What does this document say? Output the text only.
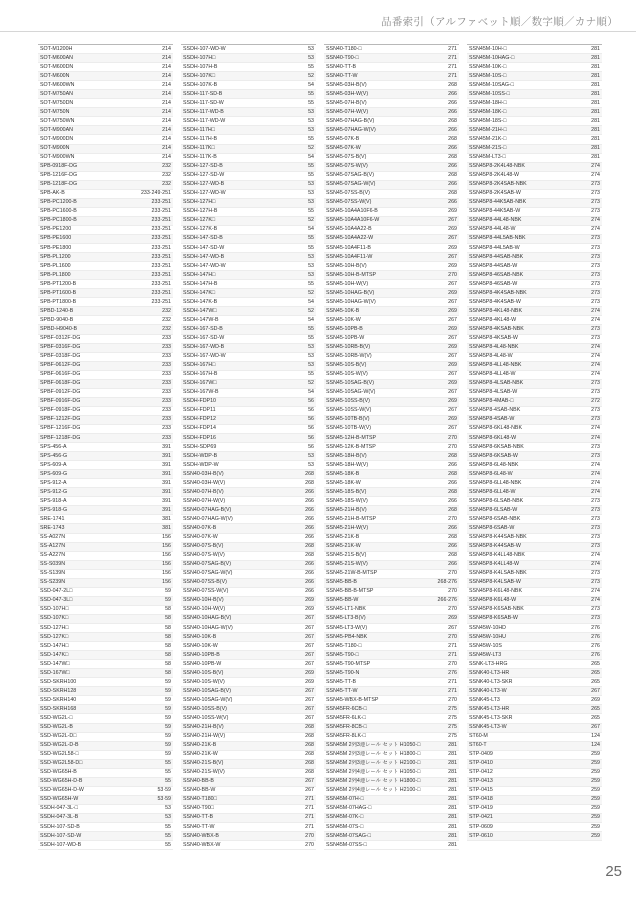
品番索引（アルファベット順／数字順／カナ順）
SOT-M1200H	214
SOT-M600AN	214
SOT-M600DN	214
SOT-M600N	214
SOT-M600WN	214
SOT-M750AN	214
SOT-M750DN	214
SOT-M750N	214
SOT-M750WN	214
SOT-M900AN	214
SOT-M900DN	214
SOT-M900N	214
SOT-M900WN	214
SPB-0918F-DG	232
SPB-1216F-DG	232
SPB-1218F-DG	232
SPB-AK-B	233·249·251
SPB-PC1200-B	233·251
SPB-PC1600-B	233·251
SPB-PC1800-B	233·251
SPB-PE1200	233·251
SPB-PE1600	233·251
SPB-PE1800	233·251
SPB-PL1200	233·251
SPB-PL1600	233·251
SPB-PL1800	233·251
SPB-PT1200-B	233·251
SPB-PT1600-B	233·251
SPB-PT1800-B	233·251
SPBD-1240-B	232
SPBD-9040-B	232
SPBD-H9040-B	232
SPBF-0312F-DG	233
SPBF-0316F-DG	233
SPBF-0318F-DG	233
SPBF-0612F-DG	233
SPBF-0616F-DG	233
SPBF-0618F-DG	233
SPBF-0912F-DG	233
SPBF-0916F-DG	233
SPBF-0918F-DG	233
SPBF-1212F-DG	233
SPBF-1216F-DG	233
SPBF-1218F-DG	233
SPS-456-A	391
SPS-456-G	391
SPS-609-A	391
SPS-609-G	391
SPS-912-A	391
SPS-912-G	391
SPS-918-A	391
SPS-918-G	391
SRE-1741	381
SRE-1743	381
SS-A027N	156
SS-A127N	156
SS-A227N	156
SS-S039N	156
SS-S139N	156
SS-S239N	156
SSD-047-2L□	59
SSD-047-3L□	59
SSD-107H□	58
SSD-107K□	58
SSD-127H□	58
SSD-127K□	58
SSD-147H□	58
SSD-147K□	58
SSD-147W□	58
SSD-167W□	58
SSD-SKRH100	59
SSD-SKRH128	59
SSD-SKRH140	59
SSD-SKRH168	59
SSD-WG2L-□	59
SSD-WG2L-B	59
SSD-WG2L-D□	59
SSD-WG2L-D-B	59
SSD-WG2L58-□	59
SSD-WG2L58-D□	55
SSD-WG65H-B	55
SSD-WG65H-D-B	55
SSD-WG65H-D-W	53·59
SSD-WG65H-W	53·59
SSDH-047-3L-□	53
SSDH-047-3L-B	53
SSDH-107-SD-B	55
SSDH-107-SD-W	55
SSDH-107-WD-B	55
SSDH-107-WD-W	53
SSDH-107H□	53
SSDH-107H-B	55
SSDH-107K□	52
SSDH-107K-B	54
SSDH-117-SD-B	55
SSDH-117-SD-W	55
SSDH-117-WD-B	53
SSDH-117-WD-W	53
SSDH-117H□	53
SSDH-117H-B	55
SSDH-117K□	52
SSDH-117K-B	54
SSDH-127-SD-B	55
SSDH-127-SD-W	55
SSDH-127-WD-B	53
SSDH-127-WD-W	53
SSDH-127H□	53
SSDH-127H-B	55
SSDH-127K□	52
SSDH-127K-B	54
SSDH-147-SD-B	55
SSDH-147-SD-W	55
SSDH-147-WD-B	53
SSDH-147-WD-W	53
SSDH-147H□	53
SSDH-147H-B	55
SSDH-147K□	52
SSDH-147K-B	54
SSDH-147W□	52
SSDH-147W-B	54
SSDH-167-SD-B	55
SSDH-167-SD-W	55
SSDH-167-WD-B	53
SSDH-167-WD-W	53
SSDH-167H□	53
SSDH-167H-B	55
SSDH-167W□	52
SSDH-167W-B	54
SSDH-FDP10	56
SSDH-FDP11	56
SSDH-FDP12	56
SSDH-FDP14	56
SSDH-FDP16	56
SSDH-SDP69	56
SSDH-WDP-B	53
SSDH-WDP-W	53
SSN40-03H-B(V)	268
SSN40-03H-W(V)	268
SSN40-07H-B(V)	266
SSN40-07H-W(V)	266
SSN40-07HAG-B(V)	266
SSN40-07HAG-W(V)	266
SSN40-07K-B	266
SSN40-07K-W	266
SSN40-07S-B(V)	268
SSN40-07S-W(V)	268
SSN40-07SAG-B(V)	266
SSN40-07SAG-W(V)	266
SSN40-07SS-B(V)	266
SSN40-07SS-W(V)	266
SSN40-10H-B(V)	269
SSN40-10H-W(V)	269
SSN40-10HAG-B(V)	267
SSN40-10HAG-W(V)	267
SSN40-10K-B	267
SSN40-10K-W	267
SSN40-10PB-B	267
SSN40-10PB-W	267
SSN40-10S-B(V)	269
SSN40-10S-W(V)	269
SSN40-10SAG-B(V)	267
SSN40-10SAG-W(V)	267
SSN40-10SS-B(V)	267
SSN40-10SS-W(V)	267
SSN40-21H-B(V)	268
SSN40-21H-W(V)	268
SSN40-21K-B	268
SSN40-21K-W	268
SSN40-21S-B(V)	268
SSN40-21S-W(V)	268
SSN40-BB-B	267
SSN40-BB-W	267
SSN40-T180□	271
SSN40-T90□	271
SSN40-TT-B	271
SSN40-TT-W	271
SSN40-WBX-B	270
SSN40-WBX-W	270
SSN40-T180-□	271
SSN40-T90-□	271
SSN40-TT-B	271
SSN40-TT-W	271
SSN45-03H-B(V)	268
SSN45-03H-W(V)	266
SSN45-07H-B(V)	266
SSN45-07H-W(V)	266
SSN45-07HAG-B(V)	268
SSN45-07HAG-W(V)	266
SSN45-07K-B	268
SSN45-07K-W	266
SSN45-07S-B(V)	268
SSN45-07S-W(V)	266
SSN45-07SAG-B(V)	268
SSN45-07SAG-W(V)	266
SSN45-07SS-B(V)	268
SSN45-07SS-W(V)	266
SSN45-10A4A10F6-B	269
SSN45-10A4A10F6-W	267
SSN45-10A4A22-B	269
SSN45-10A4A22-W	267
SSN45-10A4F11-B	269
SSN45-10A4F11-W	267
SSN45-10H-B(V)	269
SSN45-10H-B-MTSP	270
SSN45-10H-W(V)	267
SSN45-10HAG-B(V)	269
SSN45-10HAG-W(V)	267
SSN45-10K-B	269
SSN45-10K-W	267
SSN45-10PB-B	269
SSN45-10PB-W	267
SSN45-10RB-B(V)	269
SSN45-10RB-W(V)	267
SSN45-10S-B(V)	269
SSN45-10S-W(V)	267
SSN45-10SAG-B(V)	269
SSN45-10SAG-W(V)	267
SSN45-10SS-B(V)	269
SSN45-10SS-W(V)	267
SSN45-10TB-B(V)	269
SSN45-10TB-W(V)	267
SSN45-12H-B-MTSP	270
SSN45-12K-B-MTSP	270
SSN45-18H-B(V)	268
SSN45-18H-W(V)	266
SSN45-18K-B	268
SSN45-18K-W	266
SSN45-18S-B(V)	268
SSN45-18S-W(V)	266
SSN45-21H-B(V)	268
SSN45-21H-B-MTSP	270
SSN45-21H-W(V)	266
SSN45-21K-B	268
SSN45-21K-W	266
SSN45-21S-B(V)	268
SSN45-21S-W(V)	266
SSN45-21W-B-MTSP	270
SSN45-BB-B	268·276
SSN45-BB-B-MTSP	270
SSN45-BB-W	266·276
SSN45-LT1-NBK	270
SSN45-LT3-B(V)	269
SSN45-LT3-W(V)	267
SSN45-PB4-NBK	270
SSN45-T180-□	271
SSN45-T90-□	271
SSN45-T90-MTSP	270
SSN45-T90-N	276
SSN45-TT-B	271
SSN45-TT-W	271
SSN45-WBX-B-MTSP	270
SSN45FR-6CB-□	275
SSN45FR-6LK-□	275
SSN45FR-8CB-□	275
SSN45FR-8LK-□	275
SSN45M 2列3連レール セット H1050-□	281
SSN45M 2列3連レール セット H1800-□	281
SSN45M 2列3連レール セット H2100-□	281
SSN45M 2列4連レール セット H1050-□	281
SSN45M 2列4連レール セット H1800-□	281
SSN45M 2列4連レール セット H2100-□	281
SSN45M-07H-□	281
SSN45M-07HAG-□	281
SSN45M-07K-□	281
SSN45M-07S-□	281
SSN45M-07SAG-□	281
SSN45M-07SS-□	281
SSN45M-10H-□	281
SSN45M-10HAG-□	281
SSN45M-10K-□	281
SSN45M-10S-□	281
SSN45M-10SAG-□	281
SSN45M-10SS-□	281
SSN45M-18H-□	281
SSN45M-18K-□	281
SSN45M-18S-□	281
SSN45M-21H-□	281
SSN45M-21K-□	281
SSN45M-21S-□	281
SSN45M-LT3-□	281
SSN45P8-2K4L48-NBK	274
SSN45P8-2K4L48-W	274
SSN45P8-2K4SAB-NBK	273
SSN45P8-2K4SAB-W	273
SSN45P8-44K5AB-NBK	273
SSN45P8-44K5AB-W	273
SSN45P8-44L48-NBK	274
SSN45P8-44L48-W	274
SSN45P8-44L5AB-NBK	273
SSN45P8-44L5AB-W	273
SSN45P8-44SAB-NBK	273
SSN45P8-44SAB-W	273
SSN45P8-46SAB-NBK	273
SSN45P8-46SAB-W	273
SSN45P8-4K4SAB-NBK	273
SSN45P8-4K4SAB-W	273
SSN45P8-4KL48-NBK	274
SSN45P8-4KL48-W	274
SSN45P8-4KSAB-NBK	273
SSN45P8-4KSAB-W	273
SSN45P8-4L48-NBK	274
SSN45P8-4L48-W	274
SSN45P8-4LL48-NBK	274
SSN45P8-4LL48-W	274
SSN45P8-4LSAB-NBK	273
SSN45P8-4LSAB-W	273
SSN45P8-4MAB-□	272
SSN45P8-4SAB-NBK	273
SSN45P8-4SAB-W	273
SSN45P8-6KL48-NBK	274
SSN45P8-6KL48-W	274
SSN45P8-6KSAB-NBK	273
SSN45P8-6KSAB-W	273
SSN45P8-6L48-NBK	274
SSN45P8-6L48-W	274
SSN45P8-6LL48-NBK	274
SSN45P8-6LL48-W	274
SSN45P8-6LSAB-NBK	273
SSN45P8-6LSAB-W	273
SSN45P8-6SAB-NBK	273
SSN45P8-6SAB-W	273
SSN45P8-K44SAB-NBK	273
SSN45P8-K44SAB-W	273
SSN45P8-K4LL48-NBK	274
SSN45P8-K4LL48-W	274
SSN45P8-K4LSAB-NBK	273
SSN45P8-K4LSAB-W	273
SSN45P8-K6L48-NBK	274
SSN45P8-K6L48-W	274
SSN45P8-K6SAB-NBK	273
SSN45P8-K6SAB-W	273
SSN45W-10HD	276
SSN45W-10HU	276
SSN45W-10S	276
SSN45W-LT3	276
SSNK-LT3-HRG	265
SSNK40-LT3-HR	265
SSNK40-LT3-SKR	265
SSNK40-LT3-W	267
SSNK45-LT3	269
SSNK45-LT3-HR	265
SSNK45-LT3-SKR	265
SSNK45-LT3-W	267
ST60-M	124
ST60-T	124
STP-0409	259
STP-0410	259
STP-0412	259
STP-0413	259
STP-0415	259
STP-0418	259
STP-0419	259
STP-0421	259
STP-0609	259
STP-0610	259
25
